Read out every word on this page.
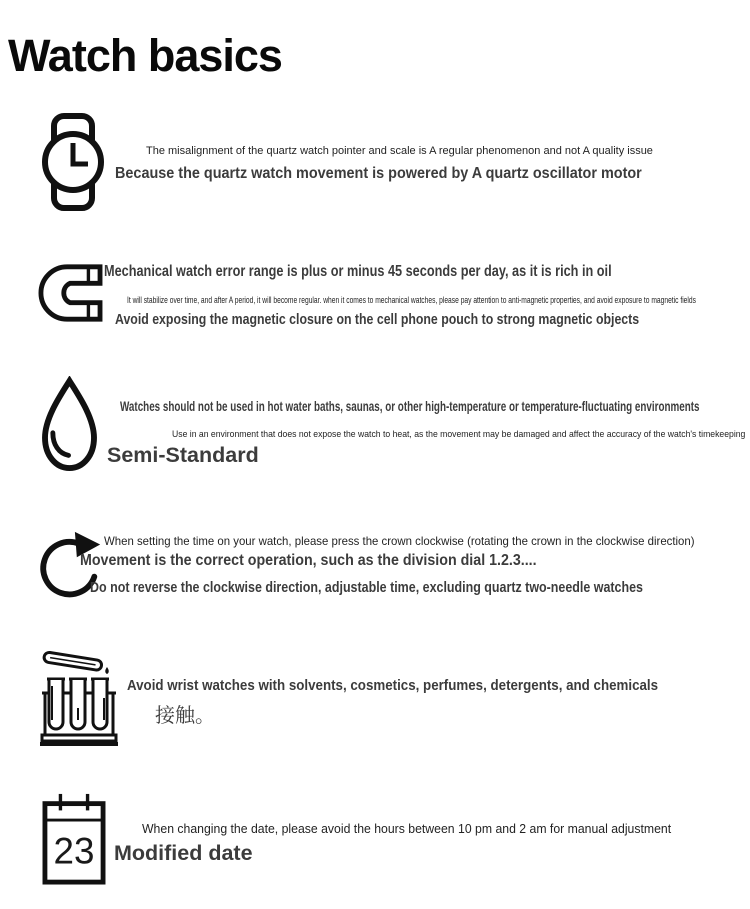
Watch basics
The misalignment of the quartz watch pointer and scale is A regular phenomenon and not A quality issue
Because the quartz watch movement is powered by A quartz oscillator motor
Mechanical watch error range is plus or minus 45 seconds per day, as it is rich in oil
It will stabilize over time, and after A period, it will become regular. when it comes to mechanical watches, please pay attention to anti-magnetic properties, and avoid exposure to magnetic fields
Avoid exposing the magnetic closure on the cell phone pouch to strong magnetic objects
Watches should not be used in hot water baths, saunas, or other high-temperature or temperature-fluctuating environments
Use in an environment that does not expose the watch to heat, as the movement may be damaged and affect the accuracy of the watch's timekeeping
Semi-Standard
When setting the time on your watch, please press the crown clockwise (rotating the crown in the clockwise direction)
Movement is the correct operation, such as the division dial 1.2.3....
Do not reverse the clockwise direction, adjustable time, excluding quartz two-needle watches
Avoid wrist watches with solvents, cosmetics, perfumes, detergents, and chemicals
接触。
23
When changing the date, please avoid the hours between 10 pm and 2 am for manual adjustment
Modified date
